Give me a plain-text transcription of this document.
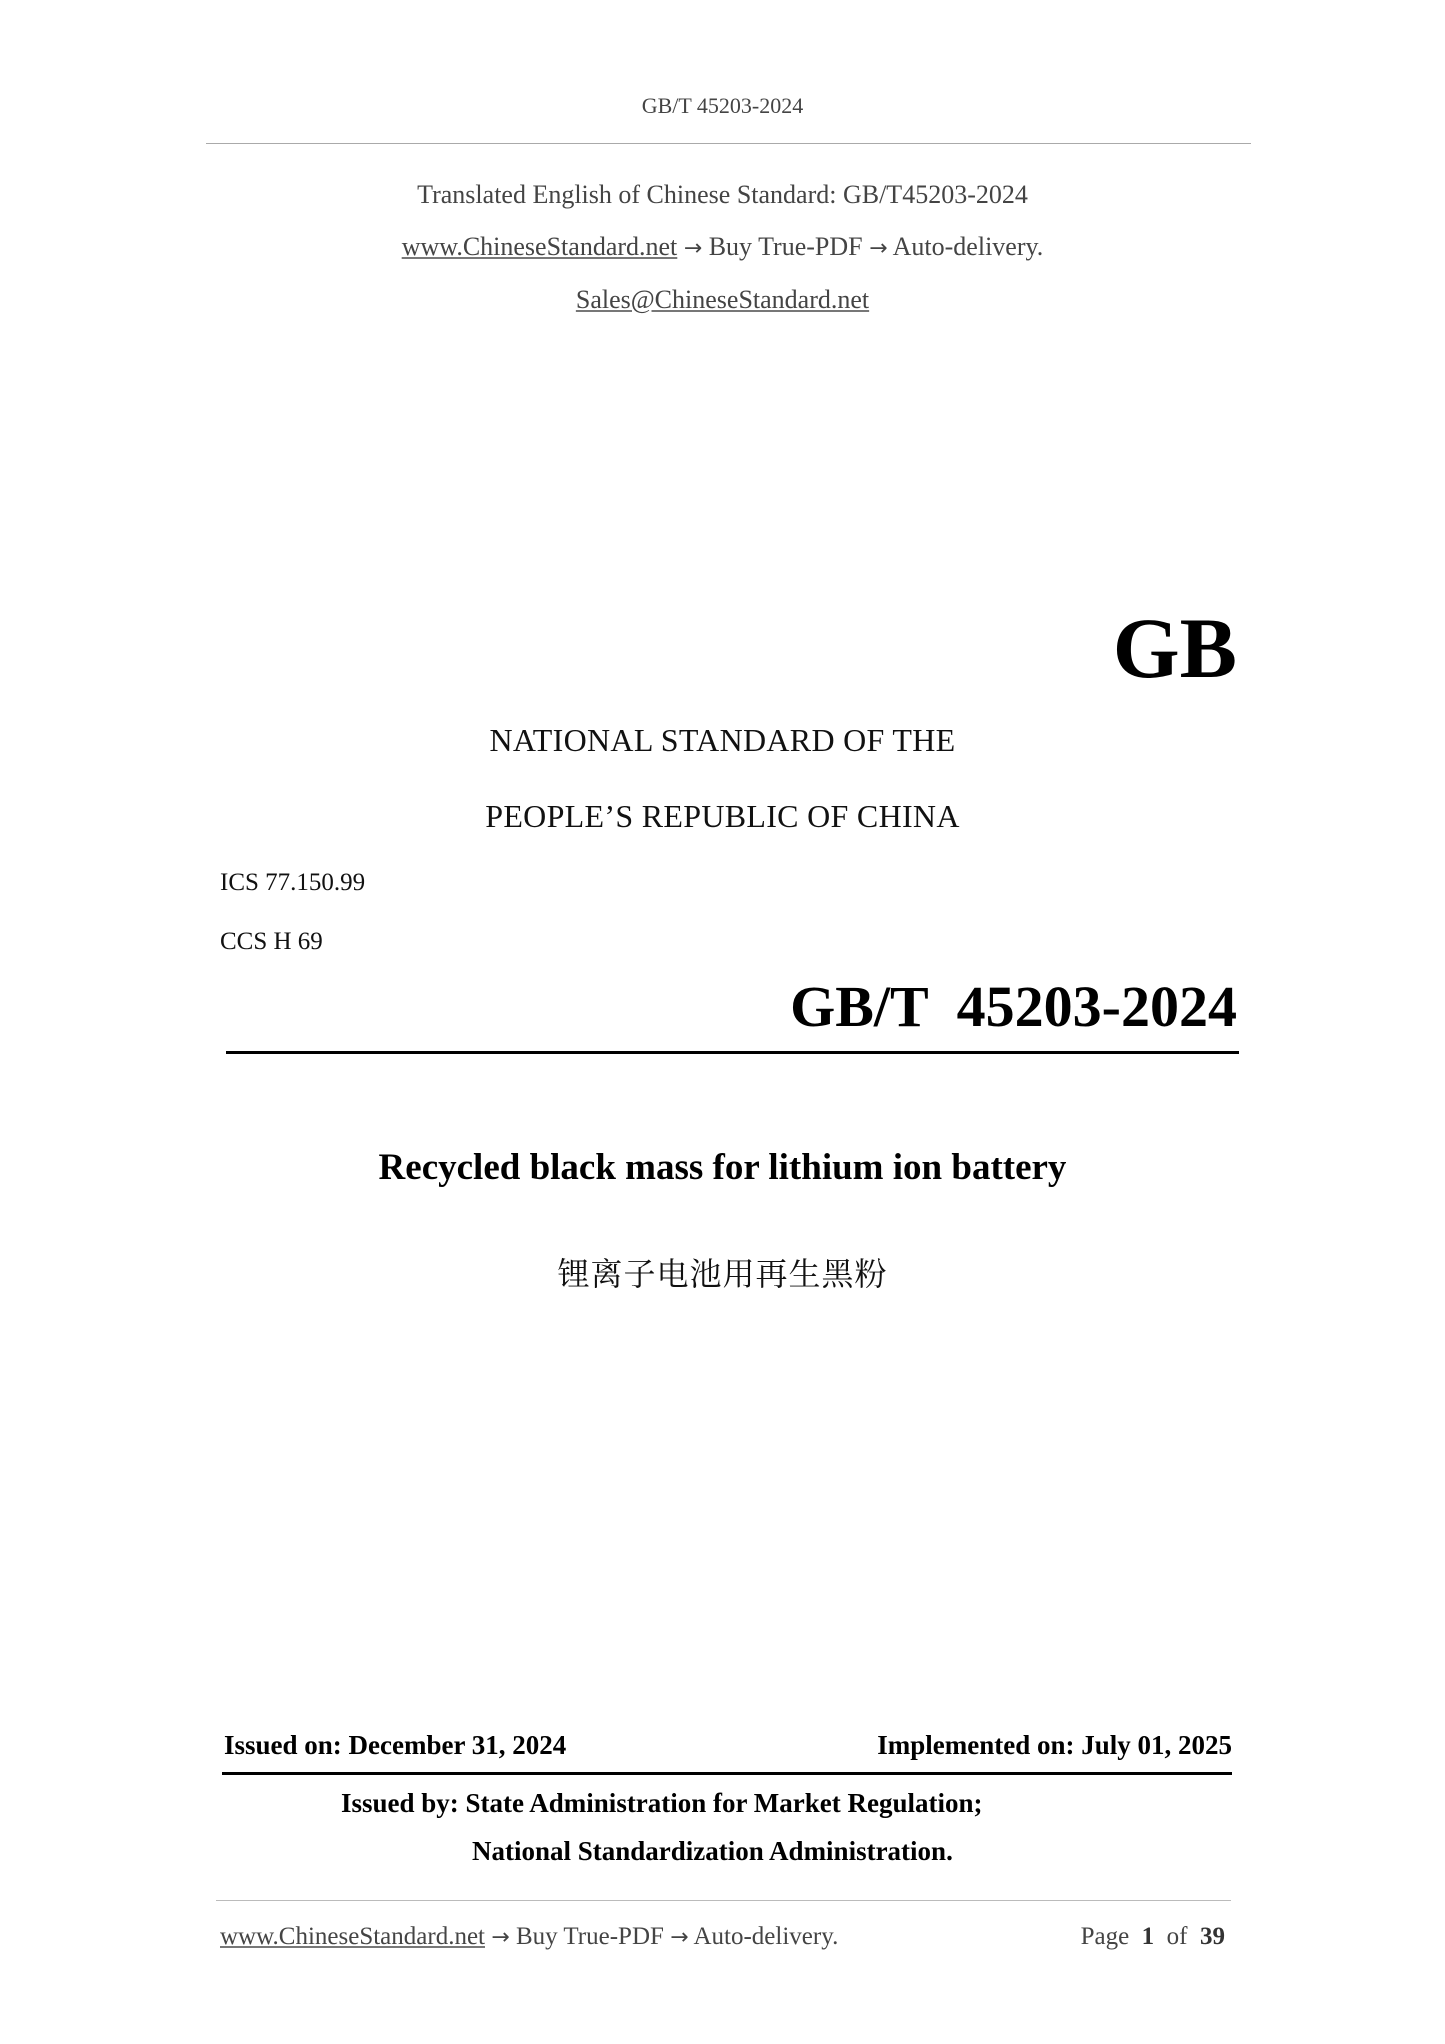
GB/T 45203-2024
Translated English of Chinese Standard: GB/T45203-2024
www.ChineseStandard.net → Buy True-PDF → Auto-delivery.
Sales@ChineseStandard.net
GB
NATIONAL STANDARD OF THE
PEOPLE’S REPUBLIC OF CHINA
ICS 77.150.99
CCS H 69
GB/T  45203-2024
Recycled black mass for lithium ion battery
锂离子电池用再生黑粉
Issued on: December 31, 2024	Implemented on: July 01, 2025
Issued by: State Administration for Market Regulation;
National Standardization Administration.
www.ChineseStandard.net → Buy True-PDF → Auto-delivery.	Page 1 of 39
